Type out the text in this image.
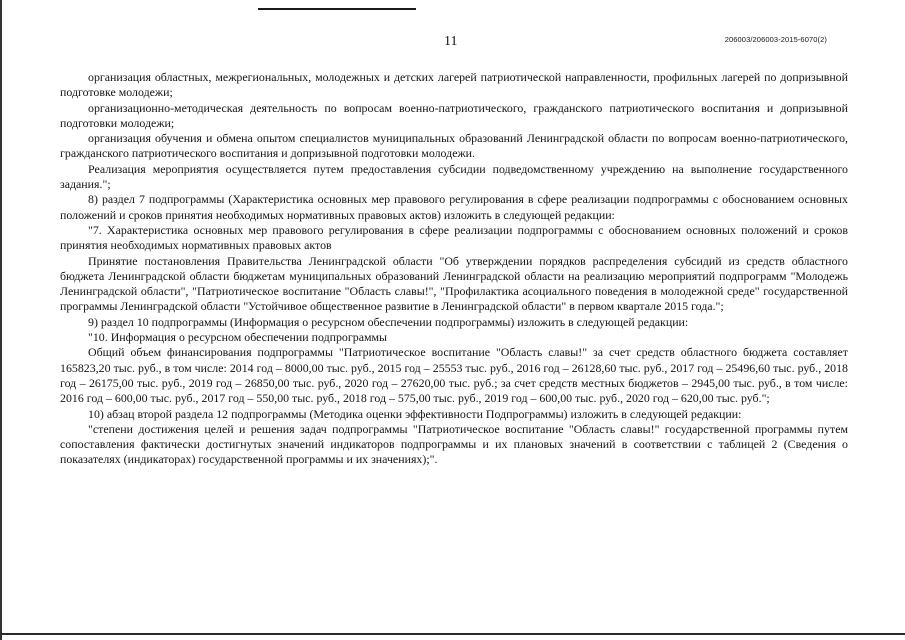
11	206003/206003-2015-6070(2)

организация областных, межрегиональных, молодежных и детских лагерей патриотической направленности, профильных лагерей по допризывной подготовке молодежи;

организационно-методическая деятельность по вопросам военно-патриотического, гражданского патриотического воспитания и допризывной подготовки молодежи;

организация обучения и обмена опытом специалистов муниципальных образований Ленинградской области по вопросам военно-патриотического, гражданского патриотического воспитания и допризывной подготовки молодежи.

Реализация мероприятия осуществляется путем предоставления субсидии подведомственному учреждению на выполнение государственного задания.";

8) раздел 7 подпрограммы (Характеристика основных мер правового регулирования в сфере реализации подпрограммы с обоснованием основных положений и сроков принятия необходимых нормативных правовых актов) изложить в следующей редакции:

"7. Характеристика основных мер правового регулирования в сфере реализации подпрограммы с обоснованием основных положений и сроков принятия необходимых нормативных правовых актов

Принятие постановления Правительства Ленинградской области "Об утверждении порядков распределения субсидий из средств областного бюджета Ленинградской области бюджетам муниципальных образований Ленинградской области на реализацию мероприятий подпрограмм "Молодежь Ленинградской области", "Патриотическое воспитание "Область славы!", "Профилактика асоциального поведения в молодежной среде" государственной программы Ленинградской области "Устойчивое общественное развитие в Ленинградской области" в первом квартале 2015 года.";

9) раздел 10 подпрограммы (Информация о ресурсном обеспечении подпрограммы) изложить в следующей редакции:

"10. Информация о ресурсном обеспечении подпрограммы

Общий объем финансирования подпрограммы "Патриотическое воспитание "Область славы!" за счет средств областного бюджета составляет 165823,20 тыс. руб., в том числе: 2014 год – 8000,00 тыс. руб., 2015 год – 25553 тыс. руб., 2016 год – 26128,60 тыс. руб., 2017 год – 25496,60 тыс. руб., 2018 год – 26175,00 тыс. руб., 2019 год – 26850,00 тыс. руб., 2020 год – 27620,00 тыс. руб.; за счет средств местных бюджетов – 2945,00 тыс. руб., в том числе: 2016 год – 600,00 тыс. руб., 2017 год – 550,00 тыс. руб., 2018 год – 575,00 тыс. руб., 2019 год – 600,00 тыс. руб., 2020 год – 620,00 тыс. руб.";

10) абзац второй раздела 12 подпрограммы (Методика оценки эффективности Подпрограммы) изложить в следующей редакции:

"степени достижения целей и решения задач подпрограммы "Патриотическое воспитание "Область славы!" государственной программы путем сопоставления фактически достигнутых значений индикаторов подпрограммы и их плановых значений в соответствии с таблицей 2 (Сведения о показателях (индикаторах) государственной программы и их значениях);".
